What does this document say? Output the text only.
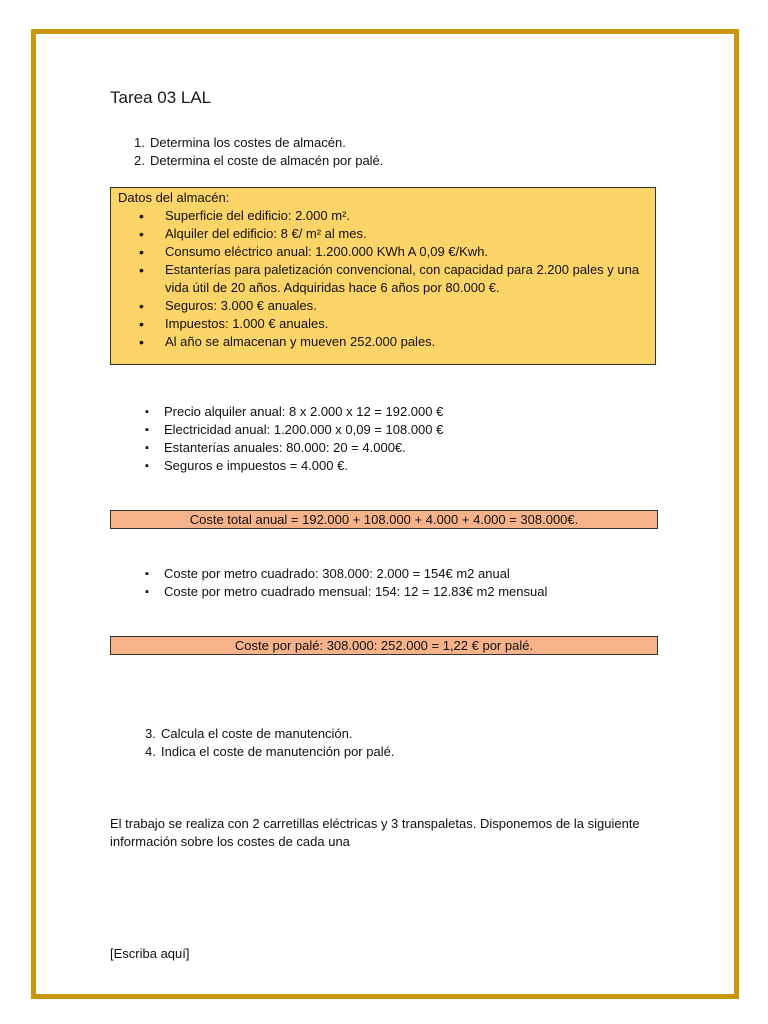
Tarea 03 LAL
1. Determina los costes de almacén.
2. Determina el coste de almacén por palé.
Datos del almacén:
• Superficie del edificio: 2.000 m².
• Alquiler del edificio: 8 €/ m² al mes.
• Consumo eléctrico anual: 1.200.000 KWh A 0,09 €/Kwh.
• Estanterías para paletización convencional, con capacidad para 2.200 pales y una vida útil de 20 años. Adquiridas hace 6 años por 80.000 €.
• Seguros: 3.000 € anuales.
• Impuestos: 1.000 € anuales.
• Al año se almacenan y mueven 252.000 pales.
▪ Precio alquiler anual: 8 x 2.000 x 12 = 192.000 €
▪ Electricidad anual: 1.200.000 x 0,09 = 108.000 €
▪ Estanterías anuales: 80.000: 20 = 4.000€.
▪ Seguros e impuestos = 4.000 €.
Coste total anual = 192.000 + 108.000 + 4.000 + 4.000 = 308.000€.
▪ Coste por metro cuadrado: 308.000: 2.000 = 154€ m2 anual
▪ Coste por metro cuadrado mensual: 154: 12 = 12.83€ m2 mensual
Coste por palé: 308.000: 252.000 = 1,22 € por palé.
3. Calcula el coste de manutención.
4. Indica el coste de manutención por palé.

El trabajo se realiza con 2 carretillas eléctricas y 3 transpaletas. Disponemos de la siguiente información sobre los costes de cada una

[Escriba aquí]
